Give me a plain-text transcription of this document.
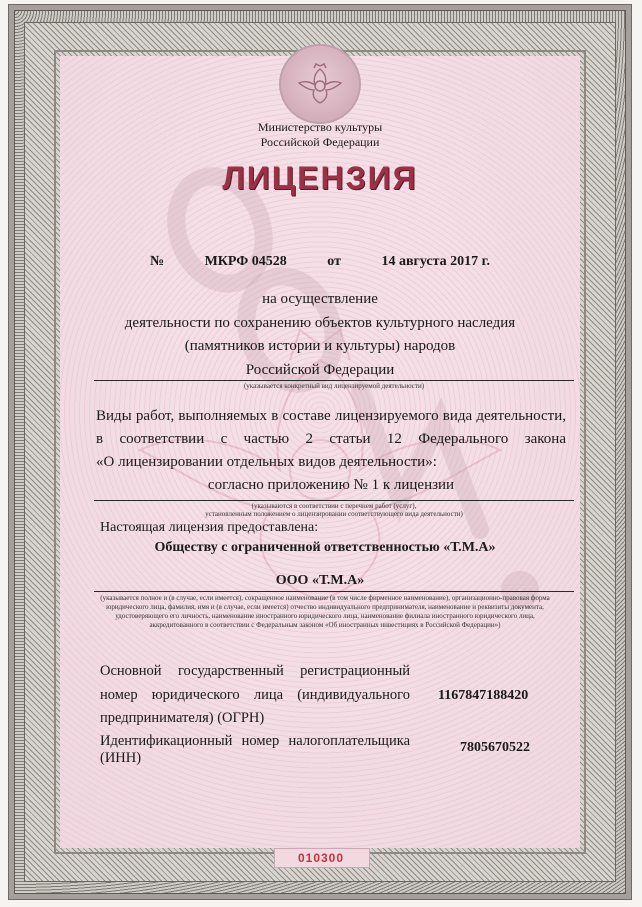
Министерство культуры
Российской Федерации
ЛИЦЕНЗИЯ
№	МКРФ 04528	от	14 августа 2017 г.
на осуществление
деятельности по сохранению объектов культурного наследия
(памятников истории и культуры) народов
Российской Федерации
(указывается конкретный вид лицензируемой деятельности)
Виды работ, выполняемых в составе лицензируемого вида деятельности,
в соответствии с частью 2 статьи 12 Федерального закона
«О лицензировании отдельных видов деятельности»:
согласно приложению № 1 к лицензии
(указываются в соответствии с перечнем работ (услуг),
установленным положением о лицензировании соответствующего вида деятельности)
Настоящая лицензия предоставлена:
Обществу с ограниченной ответственностью «Т.М.А»
ООО «Т.М.А»
(указывается полное и (в случае, если имеется), сокращенное наименование (в том числе фирменное наименование), организационно-правовая форма юридического лица, фамилия, имя и (в случае, если имеется) отчество индивидуального предпринимателя, наименование и реквизиты документа, удостоверяющего его личность, наименование иностранного юридического лица, наименование филиала иностранного юридического лица, аккредитованного в соответствии с Федеральным законом «Об иностранных инвестициях в Российской Федерации»)
Основной государственный регистрационный номер юридического лица (индивидуального предпринимателя) (ОГРН)
1167847188420
Идентификационный номер налогоплательщика (ИНН)
7805670522
010300
